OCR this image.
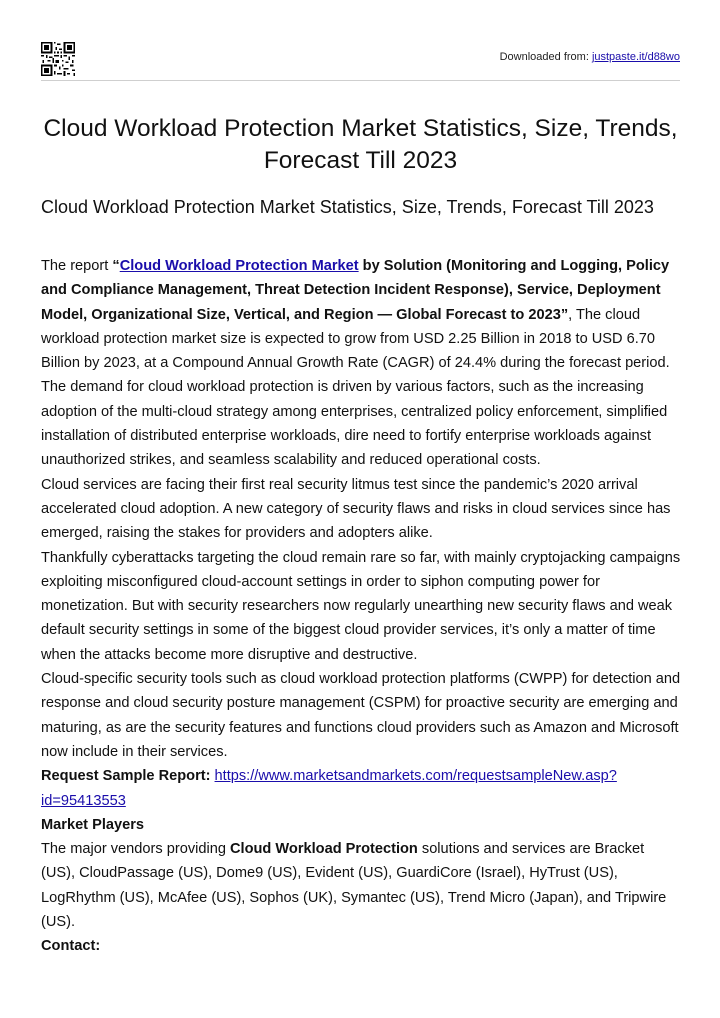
Downloaded from: justpaste.it/d88wo
Cloud Workload Protection Market Statistics, Size, Trends, Forecast Till 2023
Cloud Workload Protection Market Statistics, Size, Trends, Forecast Till 2023

The report “Cloud Workload Protection Market by Solution (Monitoring and Logging, Policy and Compliance Management, Threat Detection Incident Response), Service, Deployment Model, Organizational Size, Vertical, and Region — Global Forecast to 2023”, The cloud workload protection market size is expected to grow from USD 2.25 Billion in 2018 to USD 6.70 Billion by 2023, at a Compound Annual Growth Rate (CAGR) of 24.4% during the forecast period. The demand for cloud workload protection is driven by various factors, such as the increasing adoption of the multi-cloud strategy among enterprises, centralized policy enforcement, simplified installation of distributed enterprise workloads, dire need to fortify enterprise workloads against unauthorized strikes, and seamless scalability and reduced operational costs.

Cloud services are facing their first real security litmus test since the pandemic’s 2020 arrival accelerated cloud adoption. A new category of security flaws and risks in cloud services since has emerged, raising the stakes for providers and adopters alike.

Thankfully cyberattacks targeting the cloud remain rare so far, with mainly cryptojacking campaigns exploiting misconfigured cloud-account settings in order to siphon computing power for monetization. But with security researchers now regularly unearthing new security flaws and weak default security settings in some of the biggest cloud provider services, it’s only a matter of time when the attacks become more disruptive and destructive.

Cloud-specific security tools such as cloud workload protection platforms (CWPP) for detection and response and cloud security posture management (CSPM) for proactive security are emerging and maturing, as are the security features and functions cloud providers such as Amazon and Microsoft now include in their services.

Request Sample Report: https://www.marketsandmarkets.com/requestsampleNew.asp?id=95413553

Market Players

The major vendors providing Cloud Workload Protection solutions and services are Bracket (US), CloudPassage (US), Dome9 (US), Evident (US), GuardiCore (Israel), HyTrust (US), LogRhythm (US), McAfee (US), Sophos (UK), Symantec (US), Trend Micro (Japan), and Tripwire (US).

Contact:
